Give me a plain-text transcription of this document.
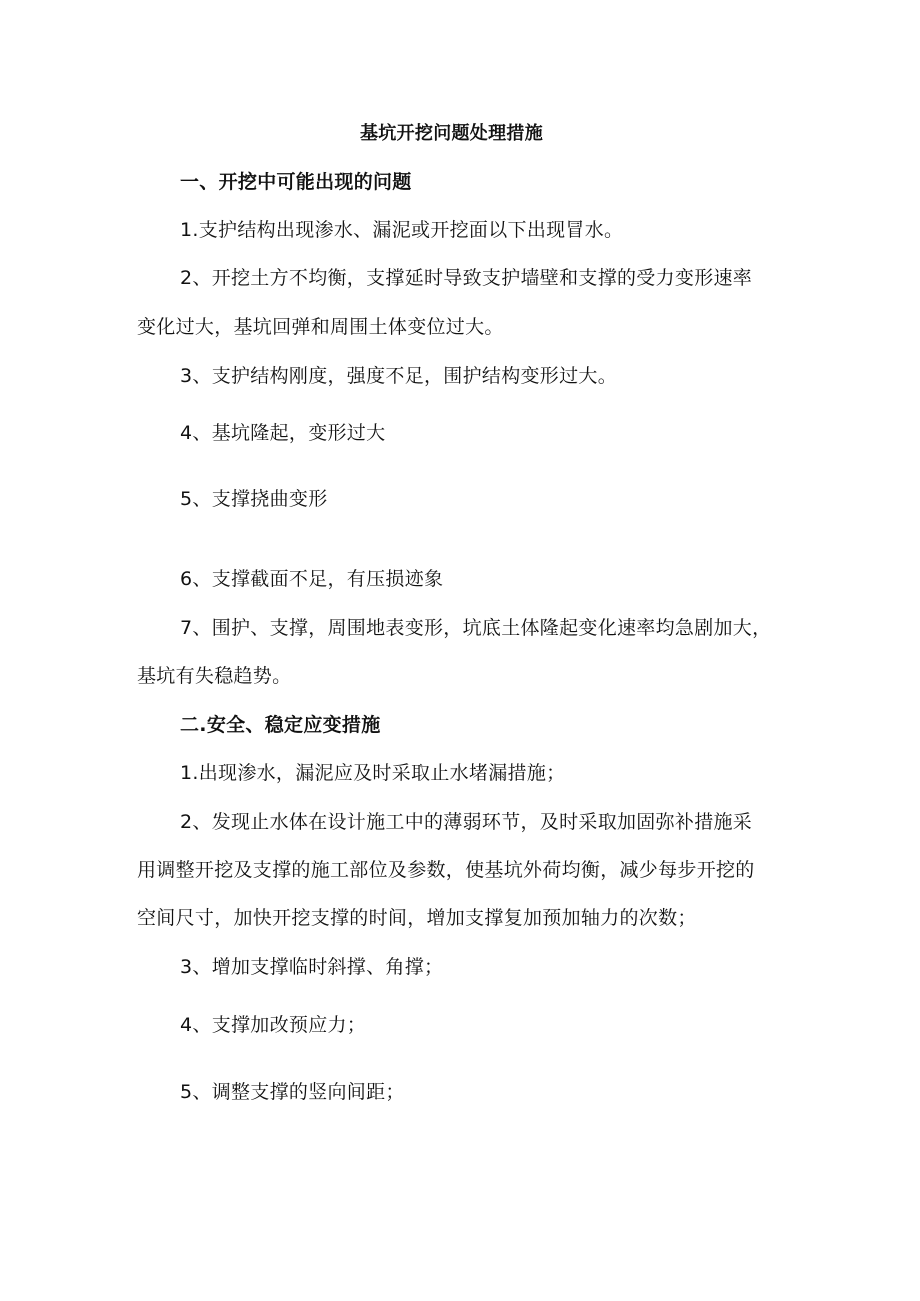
基坑开挖问题处理措施
一、开挖中可能出现的问题
1.支护结构出现渗水、漏泥或开挖面以下出现冒水。
2、开挖土方不均衡，支撑延时导致支护墙壁和支撑的受力变形速率
变化过大，基坑回弹和周围土体变位过大。
3、支护结构刚度，强度不足，围护结构变形过大。
4、基坑隆起，变形过大
5、支撑挠曲变形
6、支撑截面不足，有压损迹象
7、围护、支撑，周围地表变形，坑底土体隆起变化速率均急剧加大，
基坑有失稳趋势。
二.安全、稳定应变措施
1.出现渗水，漏泥应及时采取止水堵漏措施；
2、发现止水体在设计施工中的薄弱环节，及时采取加固弥补措施采
用调整开挖及支撑的施工部位及参数，使基坑外荷均衡，减少每步开挖的
空间尺寸，加快开挖支撑的时间，增加支撑复加预加轴力的次数；
3、增加支撑临时斜撑、角撑；
4、支撑加改预应力；
5、调整支撑的竖向间距；
